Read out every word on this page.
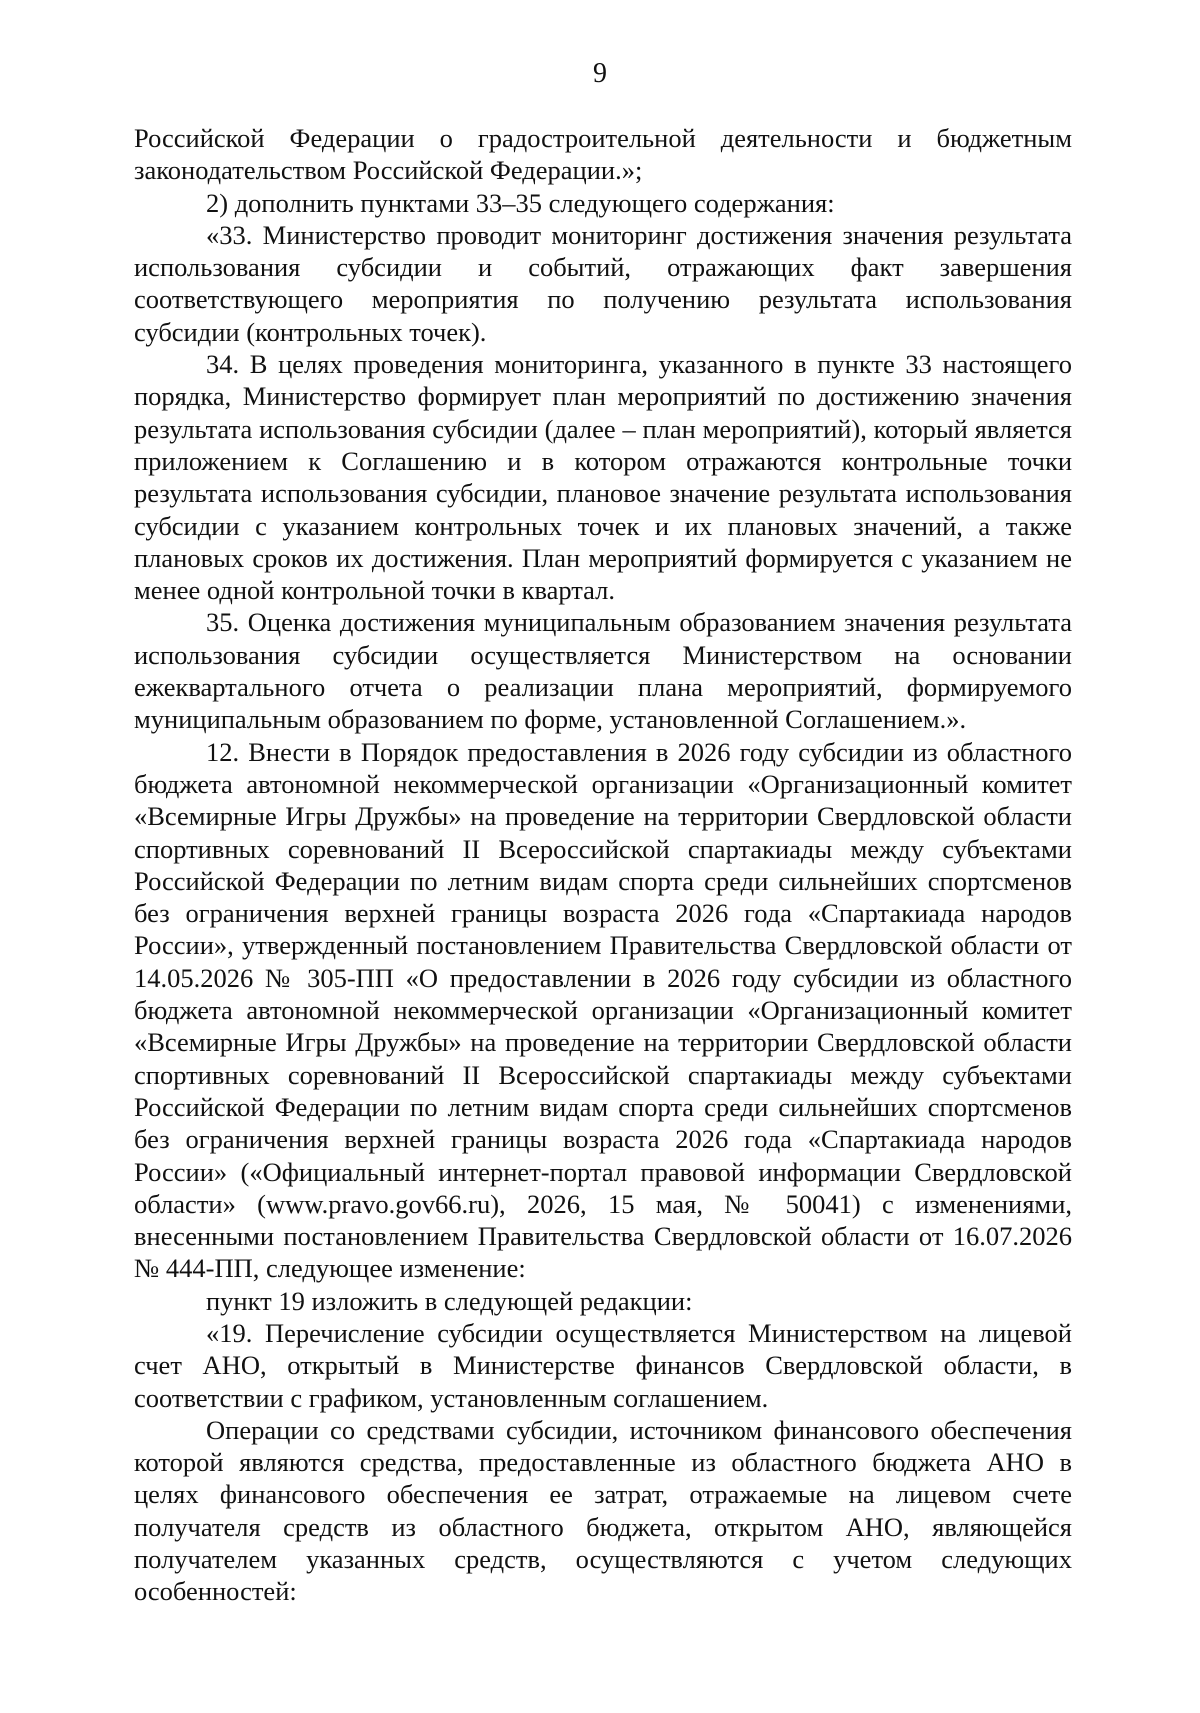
9

Российской Федерации о градостроительной деятельности и бюджетным законодательством Российской Федерации.»;

2) дополнить пунктами 33–35 следующего содержания:

«33. Министерство проводит мониторинг достижения значения результата использования субсидии и событий, отражающих факт завершения соответствующего мероприятия по получению результата использования субсидии (контрольных точек).

34. В целях проведения мониторинга, указанного в пункте 33 настоящего порядка, Министерство формирует план мероприятий по достижению значения результата использования субсидии (далее – план мероприятий), который является приложением к Соглашению и в котором отражаются контрольные точки результата использования субсидии, плановое значение результата использования субсидии с указанием контрольных точек и их плановых значений, а также плановых сроков их достижения. План мероприятий формируется с указанием не менее одной контрольной точки в квартал.

35. Оценка достижения муниципальным образованием значения результата использования субсидии осуществляется Министерством на основании ежеквартального отчета о реализации плана мероприятий, формируемого муниципальным образованием по форме, установленной Соглашением.».

12. Внести в Порядок предоставления в 2026 году субсидии из областного бюджета автономной некоммерческой организации «Организационный комитет «Всемирные Игры Дружбы» на проведение на территории Свердловской области спортивных соревнований II Всероссийской спартакиады между субъектами Российской Федерации по летним видам спорта среди сильнейших спортсменов без ограничения верхней границы возраста 2026 года «Спартакиада народов России», утвержденный постановлением Правительства Свердловской области от 14.05.2026 № 305-ПП «О предоставлении в 2026 году субсидии из областного бюджета автономной некоммерческой организации «Организационный комитет «Всемирные Игры Дружбы» на проведение на территории Свердловской области спортивных соревнований II Всероссийской спартакиады между субъектами Российской Федерации по летним видам спорта среди сильнейших спортсменов без ограничения верхней границы возраста 2026 года «Спартакиада народов России» («Официальный интернет-портал правовой информации Свердловской области» (www.pravo.gov66.ru), 2026, 15 мая, № 50041) с изменениями, внесенными постановлением Правительства Свердловской области от 16.07.2026 № 444-ПП, следующее изменение:

пункт 19 изложить в следующей редакции:

«19. Перечисление субсидии осуществляется Министерством на лицевой счет АНО, открытый в Министерстве финансов Свердловской области, в соответствии с графиком, установленным соглашением.

Операции со средствами субсидии, источником финансового обеспечения которой являются средства, предоставленные из областного бюджета АНО в целях финансового обеспечения ее затрат, отражаемые на лицевом счете получателя средств из областного бюджета, открытом АНО, являющейся получателем указанных средств, осуществляются с учетом следующих особенностей:
